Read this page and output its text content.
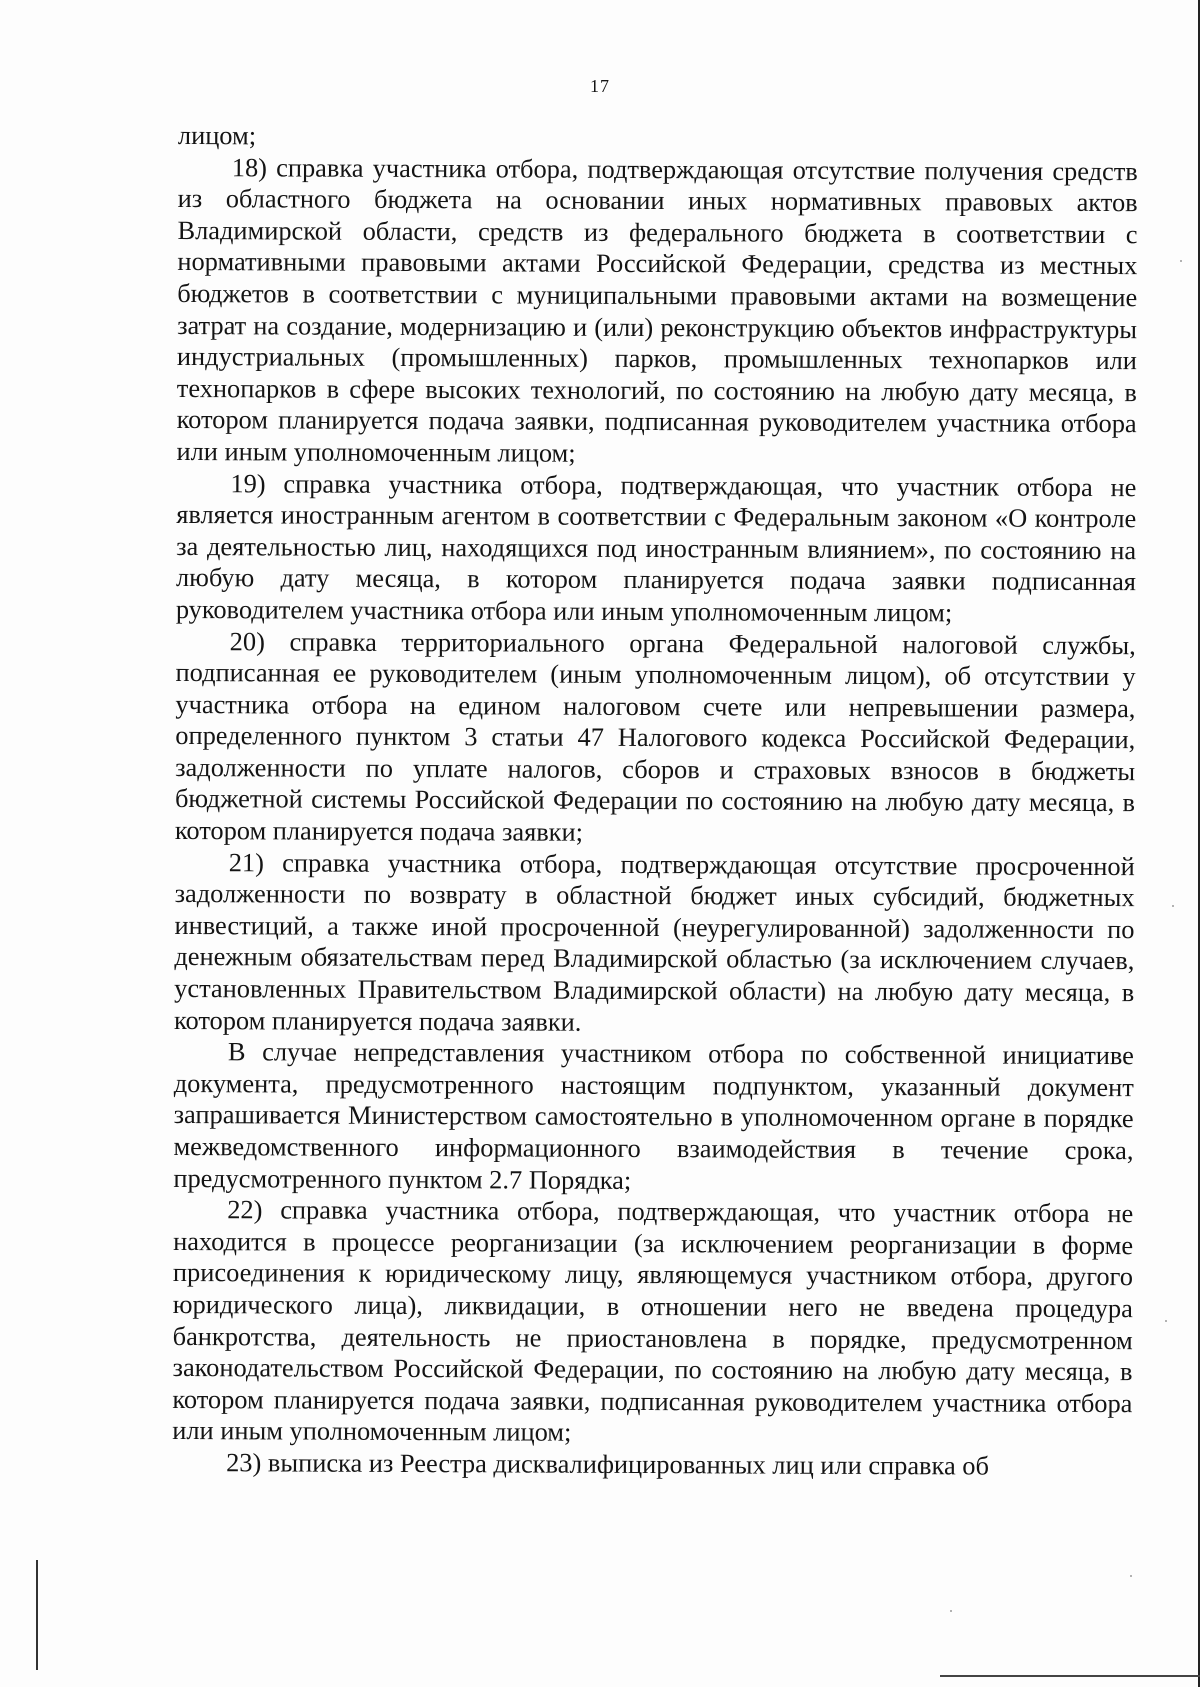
17

лицом;

18) справка участника отбора, подтверждающая отсутствие получения средств из областного бюджета на основании иных нормативных правовых актов Владимирской области, средств из федерального бюджета в соответствии с нормативными правовыми актами Российской Федерации, средства из местных бюджетов в соответствии с муниципальными правовыми актами на возмещение затрат на создание, модернизацию и (или) реконструкцию объектов инфраструктуры индустриальных (промышленных) парков, промышленных технопарков или технопарков в сфере высоких технологий, по состоянию на любую дату месяца, в котором планируется подача заявки, подписанная руководителем участника отбора или иным уполномоченным лицом;

19) справка участника отбора, подтверждающая, что участник отбора не является иностранным агентом в соответствии с Федеральным законом «О контроле за деятельностью лиц, находящихся под иностранным влиянием», по состоянию на любую дату месяца, в котором планируется подача заявки подписанная руководителем участника отбора или иным уполномоченным лицом;

20) справка территориального органа Федеральной налоговой службы, подписанная ее руководителем (иным уполномоченным лицом), об отсутствии у участника отбора на едином налоговом счете или непревышении размера, определенного пунктом 3 статьи 47 Налогового кодекса Российской Федерации, задолженности по уплате налогов, сборов и страховых взносов в бюджеты бюджетной системы Российской Федерации по состоянию на любую дату месяца, в котором планируется подача заявки;

21) справка участника отбора, подтверждающая отсутствие просроченной задолженности по возврату в областной бюджет иных субсидий, бюджетных инвестиций, а также иной просроченной (неурегулированной) задолженности по денежным обязательствам перед Владимирской областью (за исключением случаев, установленных Правительством Владимирской области) на любую дату месяца, в котором планируется подача заявки.

В случае непредставления участником отбора по собственной инициативе документа, предусмотренного настоящим подпунктом, указанный документ запрашивается Министерством самостоятельно в уполномоченном органе в порядке межведомственного информационного взаимодействия в течение срока, предусмотренного пунктом 2.7 Порядка;

22) справка участника отбора, подтверждающая, что участник отбора не находится в процессе реорганизации (за исключением реорганизации в форме присоединения к юридическому лицу, являющемуся участником отбора, другого юридического лица), ликвидации, в отношении него не введена процедура банкротства, деятельность не приостановлена в порядке, предусмотренном законодательством Российской Федерации, по состоянию на любую дату месяца, в котором планируется подача заявки, подписанная руководителем участника отбора или иным уполномоченным лицом;

23) выписка из Реестра дисквалифицированных лиц или справка об
